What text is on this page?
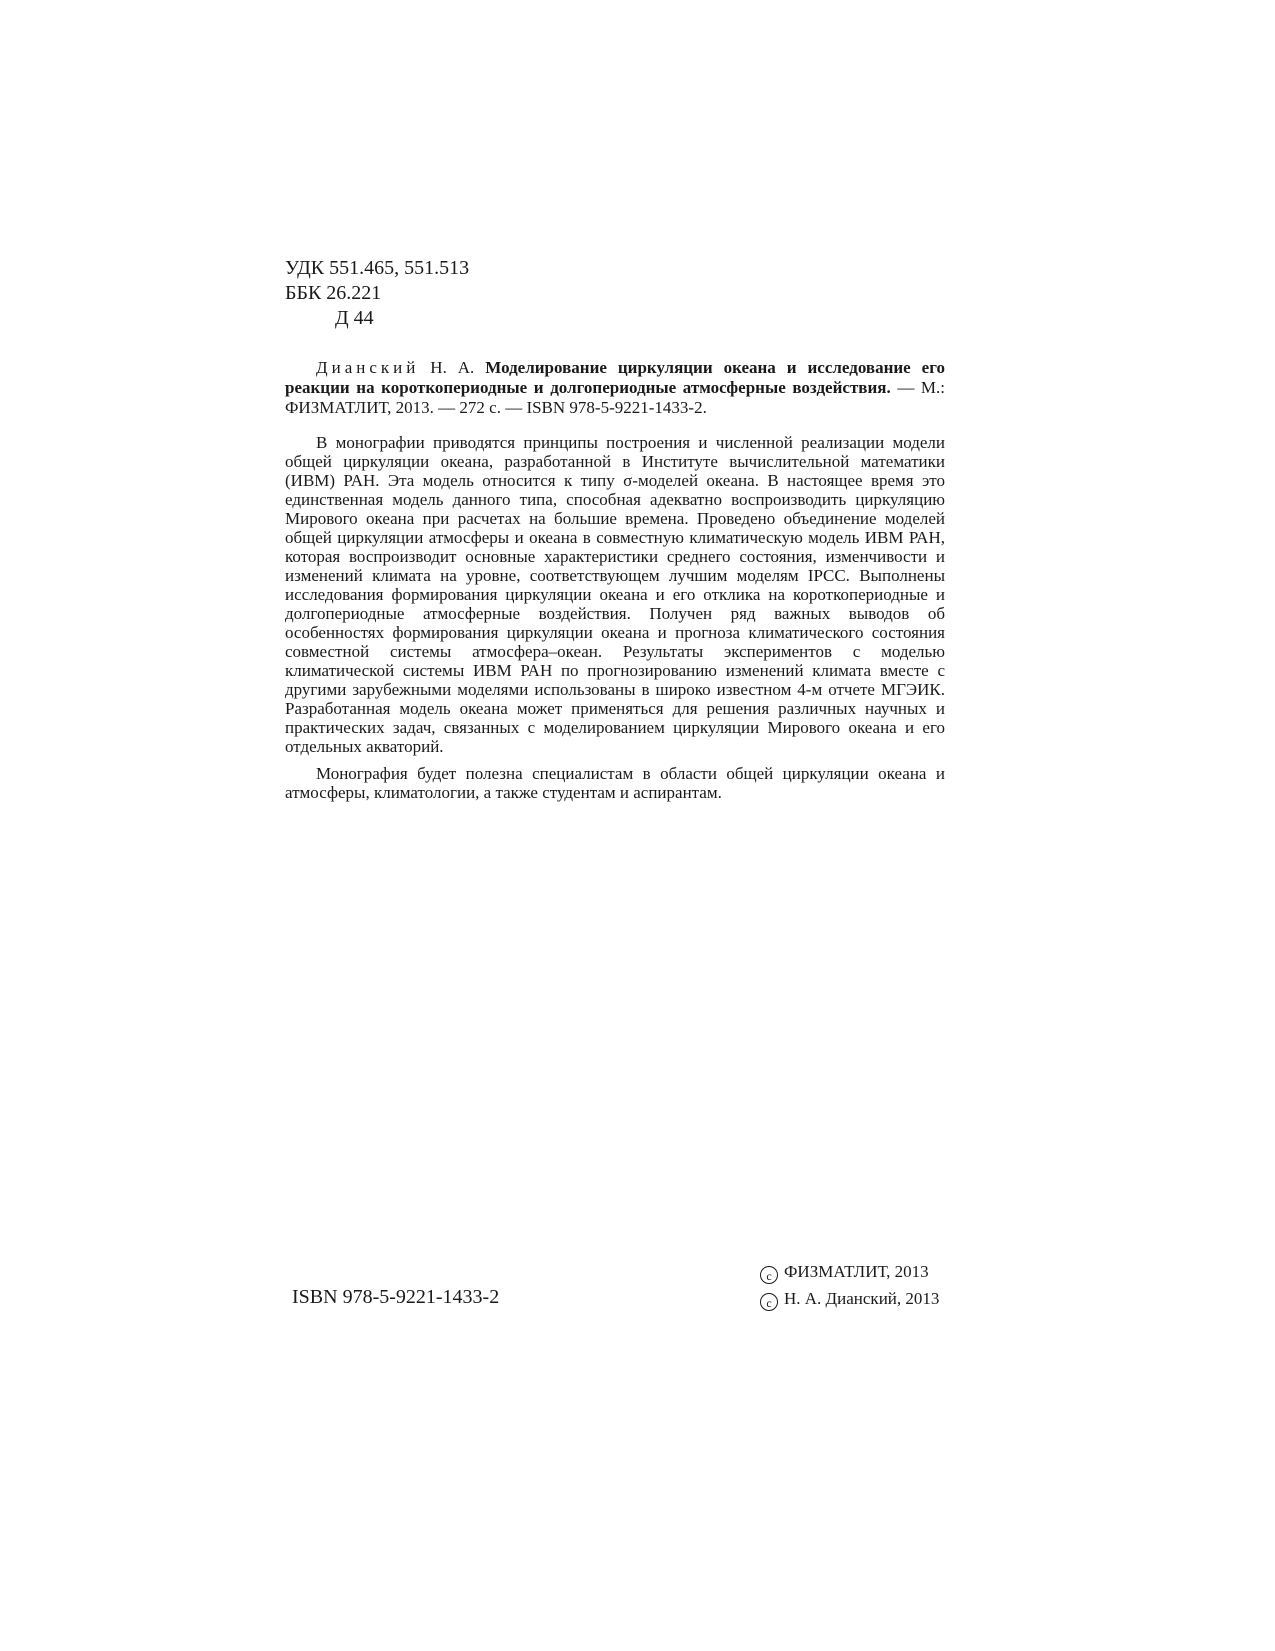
УДК 551.465, 551.513
ББК 26.221
Д 44
Дианский Н. А. Моделирование циркуляции океана и исследование его реакции на короткопериодные и долгопериодные атмосферные воздействия. — М.: ФИЗМАТЛИТ, 2013. — 272 с. — ISBN 978-5-9221-1433-2.

В монографии приводятся принципы построения и численной реализации модели общей циркуляции океана, разработанной в Институте вычислительной математики (ИВМ) РАН. Эта модель относится к типу σ-моделей океана. В настоящее время это единственная модель данного типа, способная адекватно воспроизводить циркуляцию Мирового океана при расчетах на большие времена. Проведено объединение моделей общей циркуляции атмосферы и океана в совместную климатическую модель ИВМ РАН, которая воспроизводит основные характеристики среднего состояния, изменчивости и изменений климата на уровне, соответствующем лучшим моделям IPCC. Выполнены исследования формирования циркуляции океана и его отклика на короткопериодные и долгопериодные атмосферные воздействия. Получен ряд важных выводов об особенностях формирования циркуляции океана и прогноза климатического состояния совместной системы атмосфера–океан. Результаты экспериментов с моделью климатической системы ИВМ РАН по прогнозированию изменений климата вместе с другими зарубежными моделями использованы в широко известном 4-м отчете МГЭИК. Разработанная модель океана может применяться для решения различных научных и практических задач, связанных с моделированием циркуляции Мирового океана и его отдельных акваторий.

Монография будет полезна специалистам в области общей циркуляции океана и атмосферы, климатологии, а также студентам и аспирантам.

ISBN 978-5-9221-1433-2
c ФИЗМАТЛИТ, 2013
c Н. А. Дианский, 2013
